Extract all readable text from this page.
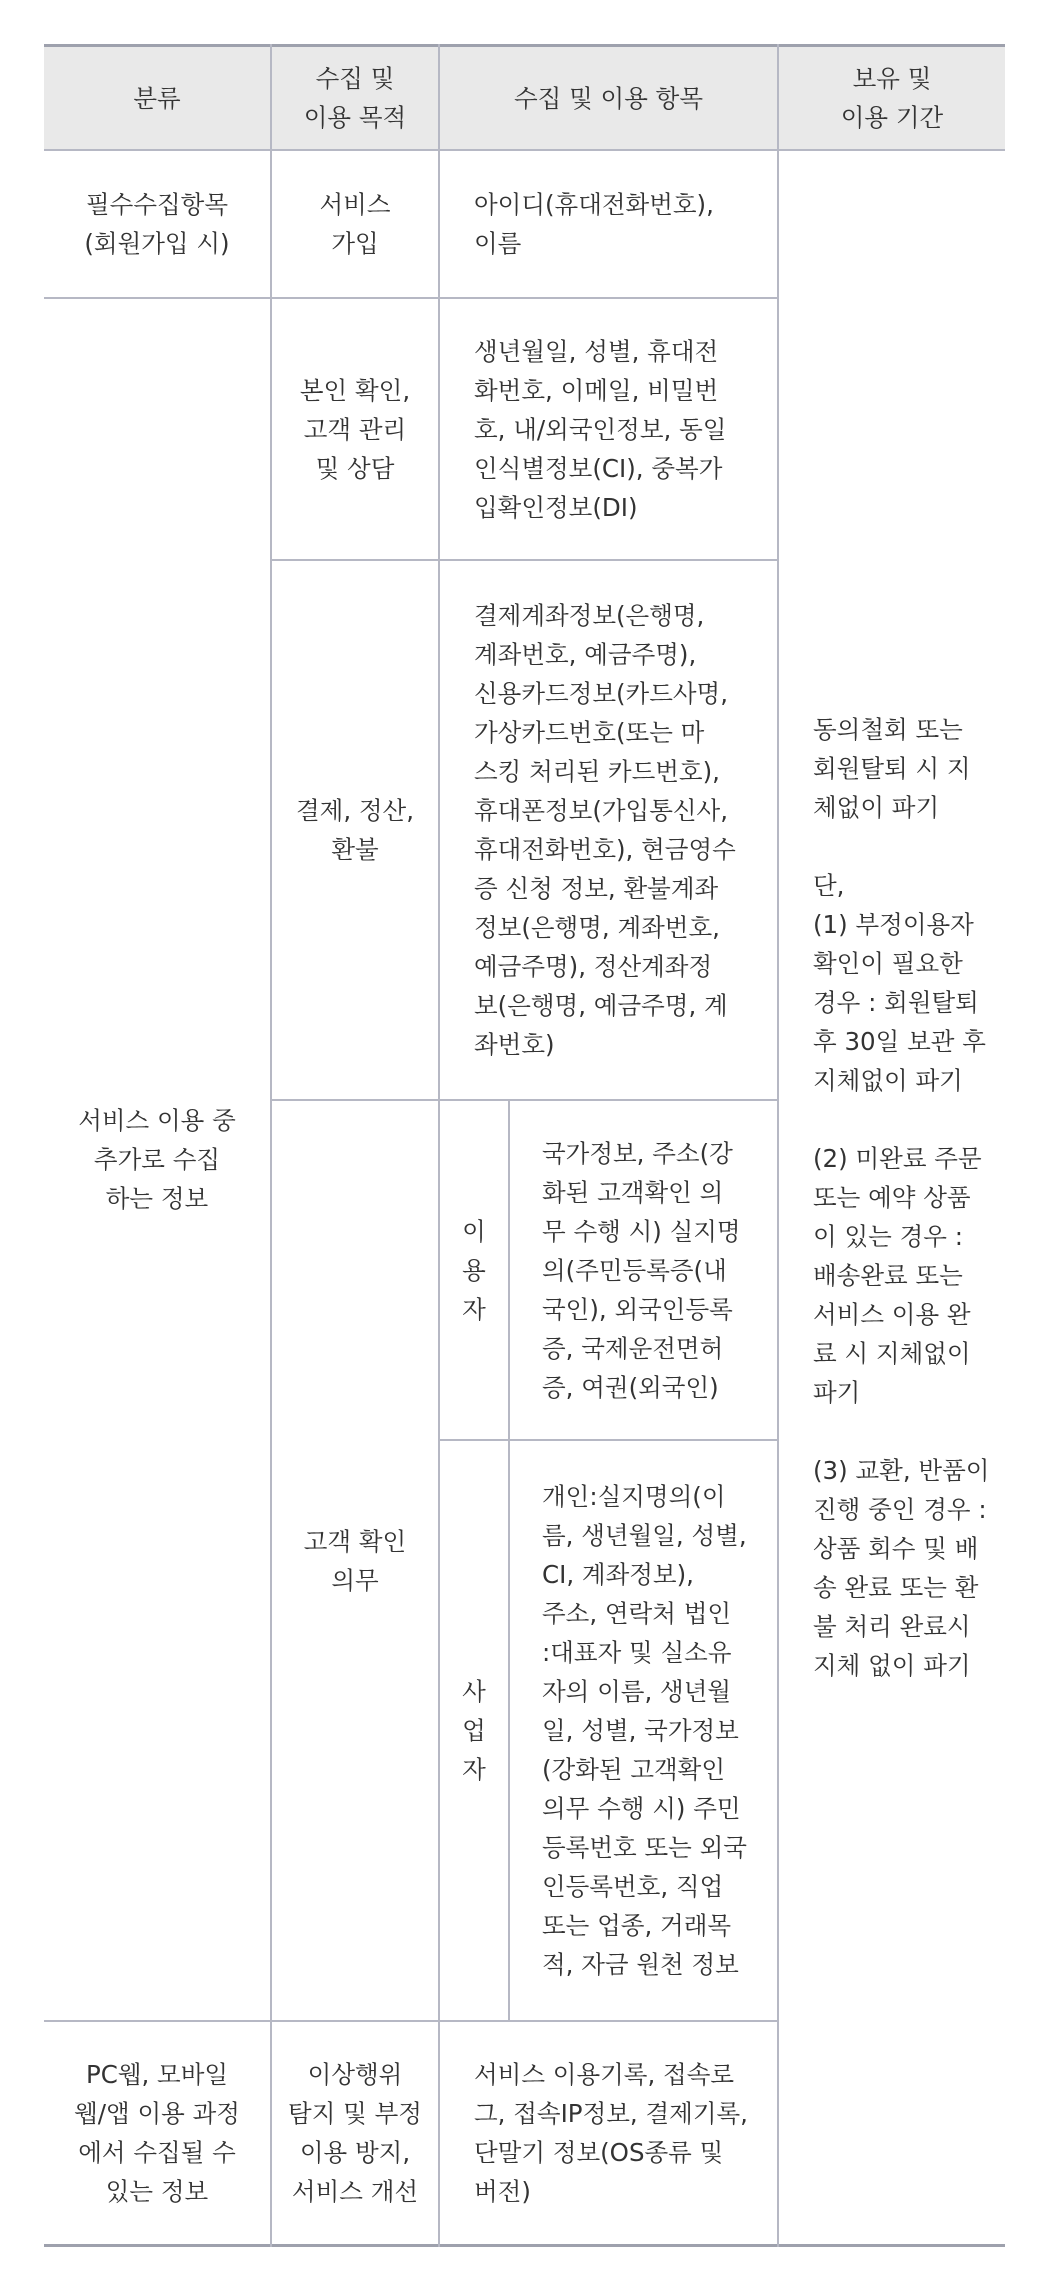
분류
수집 및
이용 목적
수집 및 이용 항목
보유 및
이용 기간
필수수집항목
(회원가입 시)
서비스
가입
아이디(휴대전화번호),
이름
서비스 이용 중
추가로 수집
하는 정보
본인 확인,
고객 관리
및 상담
생년월일, 성별, 휴대전
화번호, 이메일, 비밀번
호, 내/외국인정보, 동일
인식별정보(CI), 중복가
입확인정보(DI)
결제, 정산,
환불
결제계좌정보(은행명,
계좌번호, 예금주명),
신용카드정보(카드사명,
가상카드번호(또는 마
스킹 처리된 카드번호),
휴대폰정보(가입통신사,
휴대전화번호), 현금영수
증 신청 정보, 환불계좌
정보(은행명, 계좌번호,
예금주명), 정산계좌정
보(은행명, 예금주명, 계
좌번호)
고객 확인
의무
이
용
자
국가정보, 주소(강
화된 고객확인 의
무 수행 시) 실지명
의(주민등록증(내
국인), 외국인등록
증, 국제운전면허
증, 여권(외국인)
사
업
자
개인:실지명의(이
름, 생년월일, 성별,
CI, 계좌정보),
주소, 연락처 법인
:대표자 및 실소유
자의 이름, 생년월
일, 성별, 국가정보
(강화된 고객확인
의무 수행 시) 주민
등록번호 또는 외국
인등록번호, 직업
또는 업종, 거래목
적, 자금 원천 정보
PC웹, 모바일
웹/앱 이용 과정
에서 수집될 수
있는 정보
이상행위
탐지 및 부정
이용 방지,
서비스 개선
서비스 이용기록, 접속로
그, 접속IP정보, 결제기록,
단말기 정보(OS종류 및
버전)
동의철회 또는
회원탈퇴 시 지
체없이 파기

단,
(1) 부정이용자
확인이 필요한
경우 : 회원탈퇴
후 30일 보관 후
지체없이 파기

(2) 미완료 주문
또는 예약 상품
이 있는 경우 :
배송완료 또는
서비스 이용 완
료 시 지체없이
파기

(3) 교환, 반품이
진행 중인 경우 :
상품 회수 및 배
송 완료 또는 환
불 처리 완료시
지체 없이 파기
